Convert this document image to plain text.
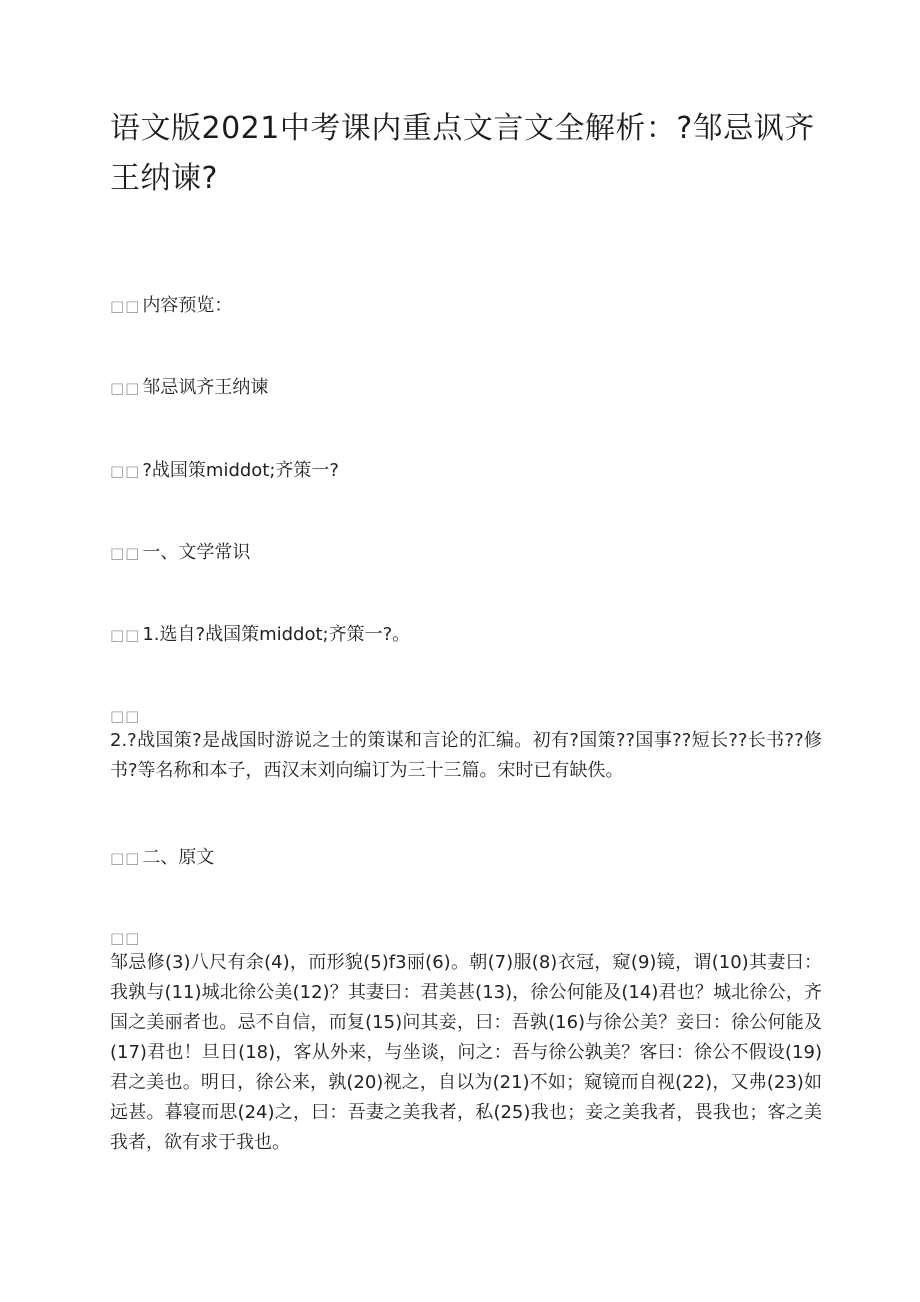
语文版2021中考课内重点文言文全解析：?邹忌讽齐王纳谏?
□□ 内容预览：
□□ 邹忌讽齐王纳谏
□□ ?战国策middot;齐策一?
□□ 一、文学常识
□□ 1.选自?战国策middot;齐策一?。
□□
2.?战国策?是战国时游说之士的策谋和言论的汇编。初有?国策??国事??短长??长书??修书?等名称和本子，西汉末刘向编订为三十三篇。宋时已有缺佚。
□□ 二、原文
□□
邹忌修(3)八尺有余(4)，而形貌(5)f3丽(6)。朝(7)服(8)衣冠，窥(9)镜，谓(10)其妻曰：我孰与(11)城北徐公美(12)？其妻曰：君美甚(13)，徐公何能及(14)君也？城北徐公，齐国之美丽者也。忌不自信，而复(15)问其妾，曰：吾孰(16)与徐公美？妾曰：徐公何能及(17)君也！旦日(18)，客从外来，与坐谈，问之：吾与徐公孰美？客曰：徐公不假设(19)君之美也。明日，徐公来，孰(20)视之，自以为(21)不如；窥镜而自视(22)，又弗(23)如远甚。暮寝而思(24)之，曰：吾妻之美我者，私(25)我也；妾之美我者，畏我也；客之美我者，欲有求于我也。
